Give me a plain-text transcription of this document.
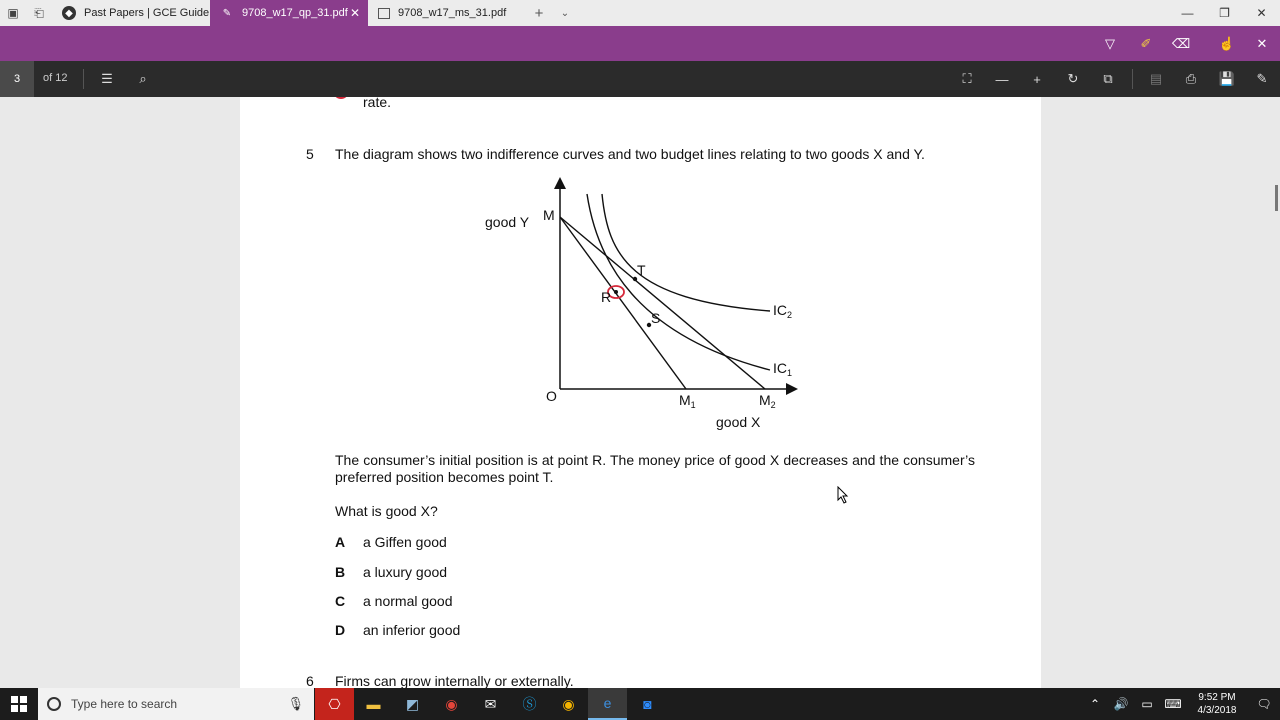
▣	⎗	◆ Past Papers | GCE Guide ✎ 9708_w17_qp_31.pdf ✕	9708_w17_ms_31.pdf	+	⌄	—	❐	✕
▽	✐ ⌫ ☝ ✕
3	of 12	☰	⌕	⛶	—	+	↻	⧉	▤ ⎙ 💾 ✎
rate.
5 The diagram shows two indifference curves and two budget lines relating to two goods X and Y.
good Y M
O
T
R
S
$M_1$	$M_2$
$IC_2$
$IC_1$
good X
The consumer’s initial position is at point R. The money price of good X decreases and the consumer’s preferred position becomes point T.
What is good X?
A a Giffen good
B a luxury good
C a normal good
D an inferior good
6 Firms can grow internally or externally.
Type here to search	🎙	⎔	▬	◩	◉	✉	Ⓢ	◉	e	◙	⌃	🔊	▭ ⌨	9:52 PM
4/3/2018	🗨
